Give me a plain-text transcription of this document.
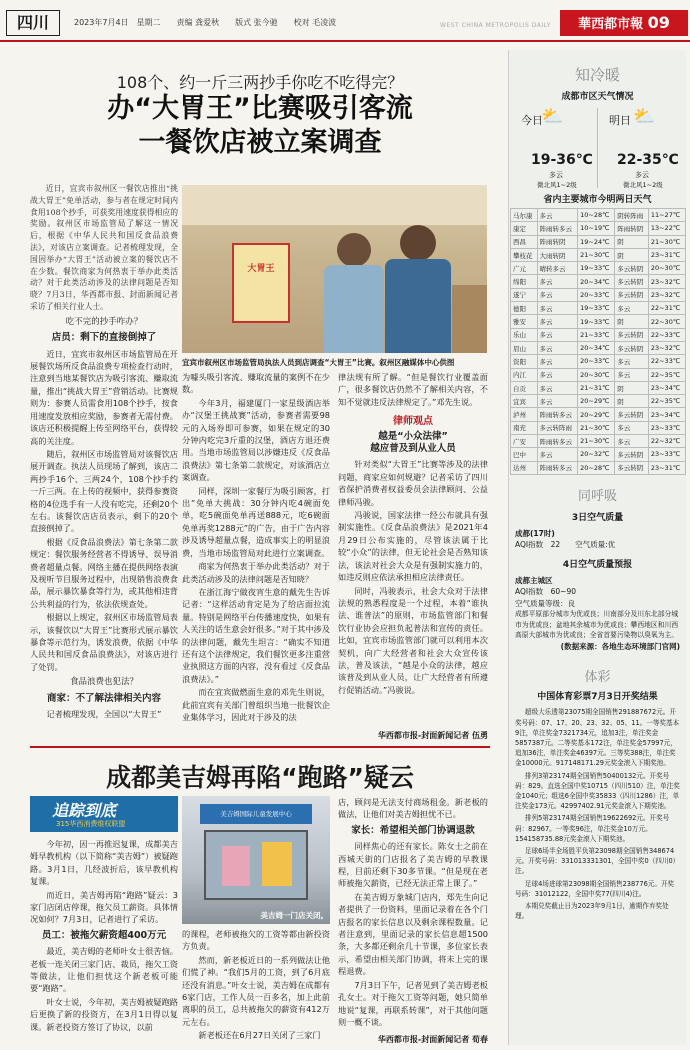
四川	2023年7月4日　星期二　　责编 龚爱秋　　版式 张今驰　　校对 毛凌波	WEST CHINA METROPOLIS DAILY	華西都市報 09
108个、约一斤三两抄手你吃不吃得完？
办“大胃王”比赛吸引客流
一餐饮店被立案调查

近日，宜宾市叙州区一餐饮店推出“挑战大胃王”免单活动，参与者在规定时间内食用108个抄手，可获奖用速度获得相应的奖励。叙州区市场监管局了解这一情况后，根据《中华人民共和国反食品浪费法》，对该店立案调查。记者梳理发现，全国因举办“大胃王”活动被立案的餐饮店不在少数。餐饮商家为何热衷于举办此类活动？对于此类活动涉及的法律问题是否知晓？7月3日，华西都市报、封面新闻记者采访了相关行业人士。

吃不完的抄手咋办？
店员：剩下的直接倒掉了

近日，宜宾市叙州区市场监管局在开展餐饮场所反食品浪费专项检查行动时，注意到当地某餐饮店为吸引客流、赚取流量，推出“挑战大胃王”营销活动。比赛规则为：参赛人员需食用108个抄手，按食用速度发放相应奖励，参赛者无需付费。该店还积极提醒上传至网络平台，获得较高的关注度。

随后，叙州区市场监管局对该餐饮店展开调查。执法人员现场了解到，该店二两抄手16个、三两24个，108个抄手约一斤三两。在上传的视频中，获得参赛资格的4位选手有一人没有吃完，还剩20个左右。该餐饮店店员表示，剩下的20个直接倒掉了。

根据《反食品浪费法》第七条第二款规定：餐饮服务经营者不得诱导、误导消费者超量点餐。网络主播在提供网络表演及视听节目服务过程中，出现销售浪费食品，展示暴饮暴食等行为，或其他相违背公共利益的行为，依法依规查处。

根据以上规定，叙州区市场监管局表示，该餐饮以“大胃王”比赛形式展示暴饮暴食等示范行为，诱发浪费，依据《中华人民共和国反食品浪费法》，对该店进行了处罚。

食品浪费也犯法？
商家：不了解法律相关内容

记者梳理发现，全国以“大胃王”

大胃王
宜宾市叙州区市场监管局执法人员到店调查“大胃王”比赛。叙州区融媒体中心供图

为噱头吸引客流、赚取流量的案例不在少数。

今年3月，福建厦门一家星级酒店举办“汉堡王挑战赛”活动，参赛者需要98元的入场券即可参赛，如果在规定的30分钟内吃完3斤重的汉堡，酒店方退还费用。当地市场监管局以涉嫌违反《反食品浪费法》第七条第二款规定，对该酒店立案调查。

同样，深圳一家餐厅为吸引顾客，打出“免单大挑战：30分钟内吃4碗面免单，吃5碗面免单再送888元，吃6碗面免单再奖1288元”的广告，由于广告内容涉及诱导超量点餐，造成事实上的明显浪费，当地市场监管局对此进行立案调查。

商家为何热衷于举办此类活动？对于此类活动涉及的法律问题是否知晓？

在浙江海宁做夜宵生意的戴先生告诉记者：“这样活动肯定是为了给店面拉流量。特别是网络平台传播速度快，如果有人关注的话生意会好很多。”对于其中涉及的法律问题，戴先生坦言：“确实不知道还有这个法律规定，我们餐饮更多注重营业执照这方面的内容，没有看过《反食品浪费法》。”

而在宜宾做燃面生意的邓先生则说，此前宜宾有关部门曾组织当地一批餐饮企业集体学习，因此对于涉及的法

律法规有所了解。“但是餐饮行业覆盖面广，很多餐饮店仍然不了解相关内容，不知不觉就违反法律规定了。”邓先生说。

律师观点
越是“小众法律”
越应普及到从业人员

针对类似“大胃王”比赛等涉及的法律问题，商家应如何规避？记者采访了四川省保护消费者权益委员会法律顾问、公益律师冯骏。

冯骏说，国家法律一经公布就具有强制实施性。《反食品浪费法》是2021年4月29日公布实施的，尽管该法属于比较“小众”的法律，但无论社会是否熟知该法，该法对社会大众是有强制实施力的，如违反则应依法承担相应法律责任。

同时，冯骏表示，社会大众对于法律法规的熟悉程度是一个过程，本着“谁执法、谁普法”的原则，市场监管部门和餐饮行业协会应担负起普法和宣传的责任。比如，宜宾市场监管部门就可以利用本次契机，向广大经营者和社会大众宣传该法，普及该法，“越是小众的法律，越应该普及到从业人员，让广大经营者有所遵行促销活动。”冯骏说。

华西都市报-封面新闻记者 伍勇
成都美吉姆再陷“跑路”疑云
追踪到底
315华西消费维权联盟

今年初，因一再推迟复课，成都美吉姆早教机构（以下简称“美吉姆”）被疑跑路。3月1日，几经波折后，该早教机构复课。

而近日，美吉姆再陷“跑路”疑云：3家门店闭店停课，拖欠员工薪资。具体情况如何？7月3日，记者进行了采访。

员工：被拖欠薪资超400万元

最近，美吉姆的老师叶女士很苦恼。老板一连关闭三家门店、裁员，拖欠工资等做法，让他们担忧这个新老板可能要“跑路”。

叶女士说，今年初，美吉姆被疑跑路后更换了新的投资方，在3月1日得以复课。新老投资方签订了协议，以前

美吉姆国际儿童发展中心
美吉姆一门店关闭。

的课程，老师被拖欠的工资等都由新投资方负责。

然而，新老板近日的一系列做法让他们慌了神。“我们5月的工资，到了6月底还没有消息。”叶女士说，美吉姆在成都有6家门店，工作人员一百多名，加上此前离职的员工，总共被拖欠的薪资有412万元左右。

新老板还在6月27日关闭了三家门

店，顾问是无法支付商场租金。新老板的做法，让他们对美吉姆担忧不已。

家长：希望相关部门协调退款

同样焦心的还有家长。陈女士之前在西城天街的门店报名了美吉姆的早教课程，目前还剩下30多节课。“但是现在老师被拖欠薪资，已经无法正常上课了。”

在美吉姆万象城门店内，郑先生向记者提供了一份资料，里面记录着在各个门店报名的家长信息以及剩余课程数量。记者注意到，里面记录的家长信息超1500条，大多都还剩余几十节课，多位家长表示，希望由相关部门协调，将未上完的课程退费。

7月3日下午，记者见到了美吉姆老板孔女士。对于拖欠工资等问题，她只简单地说“复课，再联系转课”，对于其他问题则一概不谈。

华西都市报-封面新闻记者 荀春
知冷暖
成都市区天气情况
今日
⛅
19-36℃
多云
微北风1~2级
明日 ⛅
22-35℃
多云
微北风1~2级
省内主要城市今明两日天气
马尔康	多云	10~28℃	阴转阵雨	11~27℃
康定	阵雨转多云	10~19℃	阵雨转阴	13~22℃
西昌	阵雨转阴	19~24℃	阴	21~30℃
攀枝花	大雨转阴	21~30℃	阴	23~31℃
广元	晴转多云	19~33℃	多云转阴	20~30℃
绵阳	多云	20~34℃	多云转阴	23~32℃
遂宁	多云	20~33℃	多云转阴	23~32℃
德阳	多云	19~33℃	多云	22~31℃
雅安	多云	19~33℃	阴	22~30℃
乐山	多云	21~33℃	多云转阴	22~33℃
眉山	多云	20~34℃	多云转阴	23~32℃
资阳	多云	20~33℃	多云	22~33℃
内江	多云	20~30℃	多云	22~35℃
自贡	多云	21~31℃	阴	23~34℃
宜宾	多云	20~29℃	阴	22~35℃
泸州	阵雨转多云	20~29℃	多云转阴	23~34℃
南充	多云转阵雨	21~30℃	多云	23~33℃
广安	阵雨转多云	21~30℃	多云	22~32℃
巴中	多云	20~32℃	多云转阴	23~33℃
达州	阵雨转多云	20~28℃	多云转阴	23~31℃
同呼吸
3日空气质量
成都(17时)
AQI指数　22　　空气质量:优
4日空气质量预报
成都主城区
AQI指数　60~90
空气质量等级：良
成都平原部分城市为优或良；川南部分及川东北部分城市为优或良；盆地其余城市为优或良；攀西地区和川西高原大部城市为优或良；全省首要污染物以臭氧为主。
(数据来源：各地生态环境部门官网)
体彩
中国体育彩票7月3日开奖结果
超级大乐透第23075期全国销售291887672元。开奖号码：07、17、20、23、32、05、11。一等奖基本9注，单注奖金7321734元，追加3注，单注奖金5857387元。二等奖基本172注，单注奖金57997元，追加36注，单注奖金46397元。三等奖388注，单注奖金10000元。917148171.29元奖金滚入下期奖池。
排列3第23174期全国销售50400132元。开奖号码：829。直选全国中奖10715（四川510）注，单注奖金1040元；组选6全国中奖35833（四川1286）注，单注奖金173元。42997402.91元奖金滚入下期奖池。
排列5第23174期全国销售19622692元。开奖号码：82967。一等奖96注，单注奖金10万元。154158735.88元奖金滚入下期奖池。
足球6场半全场胜平负第23098期全国销售348674元。开奖号码：331013331301，全国中奖0（四川0）注。
足球4场进球第23098期全国销售238776元。开奖号码：31012122，全国中奖77(四川4)注。
本期兑奖截止日为2023年9月1日，逾期作弃奖处理。
